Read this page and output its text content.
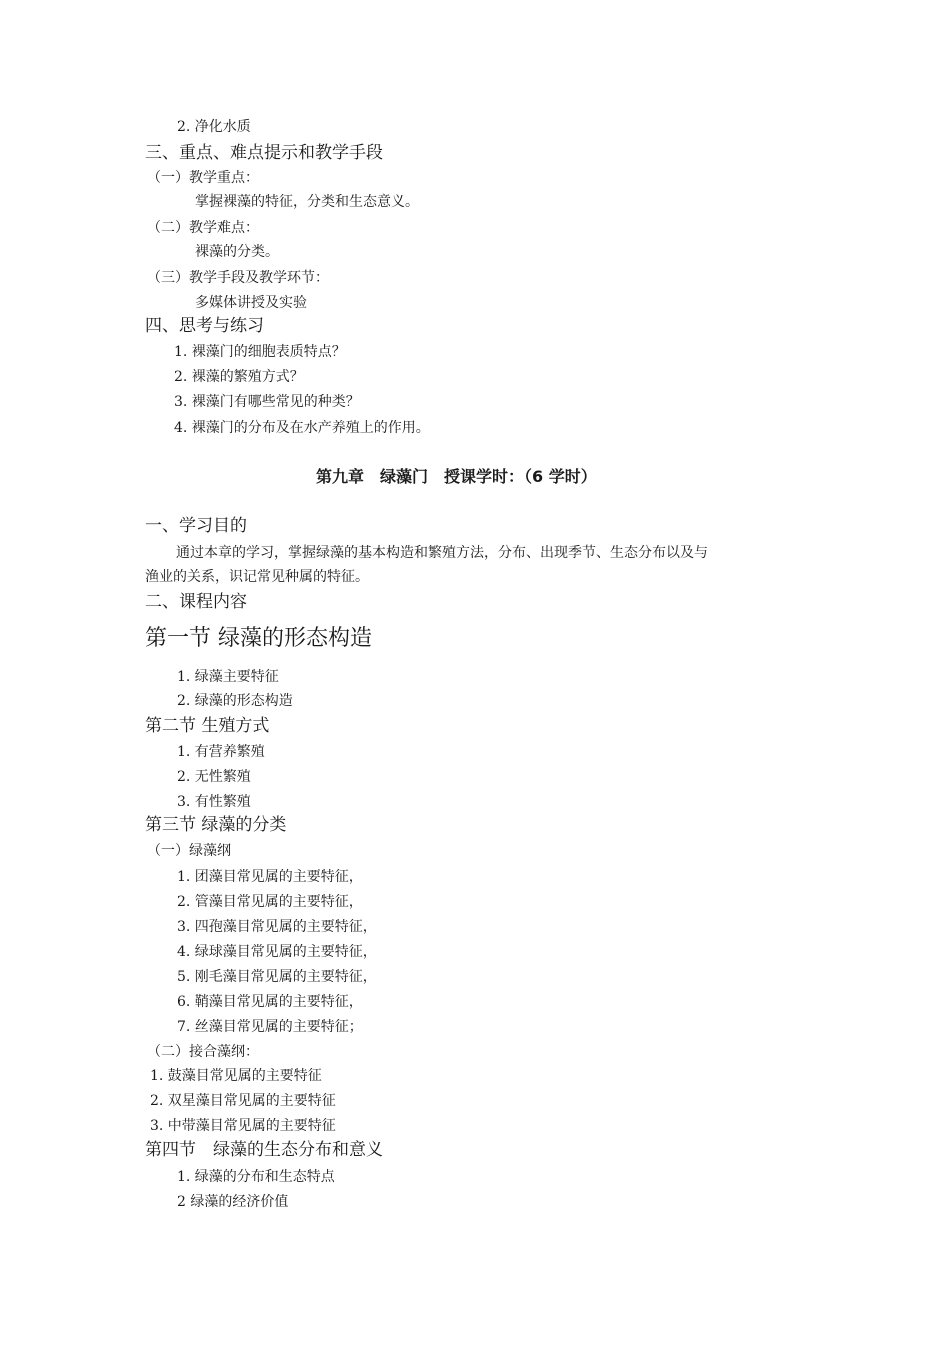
2. 净化水质
三、重点、难点提示和教学手段
（一）教学重点：
掌握裸藻的特征，分类和生态意义。
（二）教学难点：
裸藻的分类。
（三）教学手段及教学环节：
多媒体讲授及实验
四、思考与练习
1. 裸藻门的细胞表质特点？
2. 裸藻的繁殖方式？
3. 裸藻门有哪些常见的种类？
4. 裸藻门的分布及在水产养殖上的作用。
第九章　绿藻门　授课学时：（6 学时）
一、学习目的
通过本章的学习，掌握绿藻的基本构造和繁殖方法，分布、出现季节、生态分布以及与
渔业的关系，识记常见种属的特征。
二、课程内容
第一节 绿藻的形态构造
1. 绿藻主要特征
2. 绿藻的形态构造
第二节 生殖方式
1. 有营养繁殖
2. 无性繁殖
3. 有性繁殖
第三节 绿藻的分类
（一）绿藻纲
1. 团藻目常见属的主要特征，
2. 管藻目常见属的主要特征，
3. 四孢藻目常见属的主要特征，
4. 绿球藻目常见属的主要特征，
5. 刚毛藻目常见属的主要特征，
6. 鞘藻目常见属的主要特征，
7. 丝藻目常见属的主要特征；
（二）接合藻纲：
1. 鼓藻目常见属的主要特征
2. 双星藻目常见属的主要特征
3. 中带藻目常见属的主要特征
第四节　绿藻的生态分布和意义
1. 绿藻的分布和生态特点
2 绿藻的经济价值
